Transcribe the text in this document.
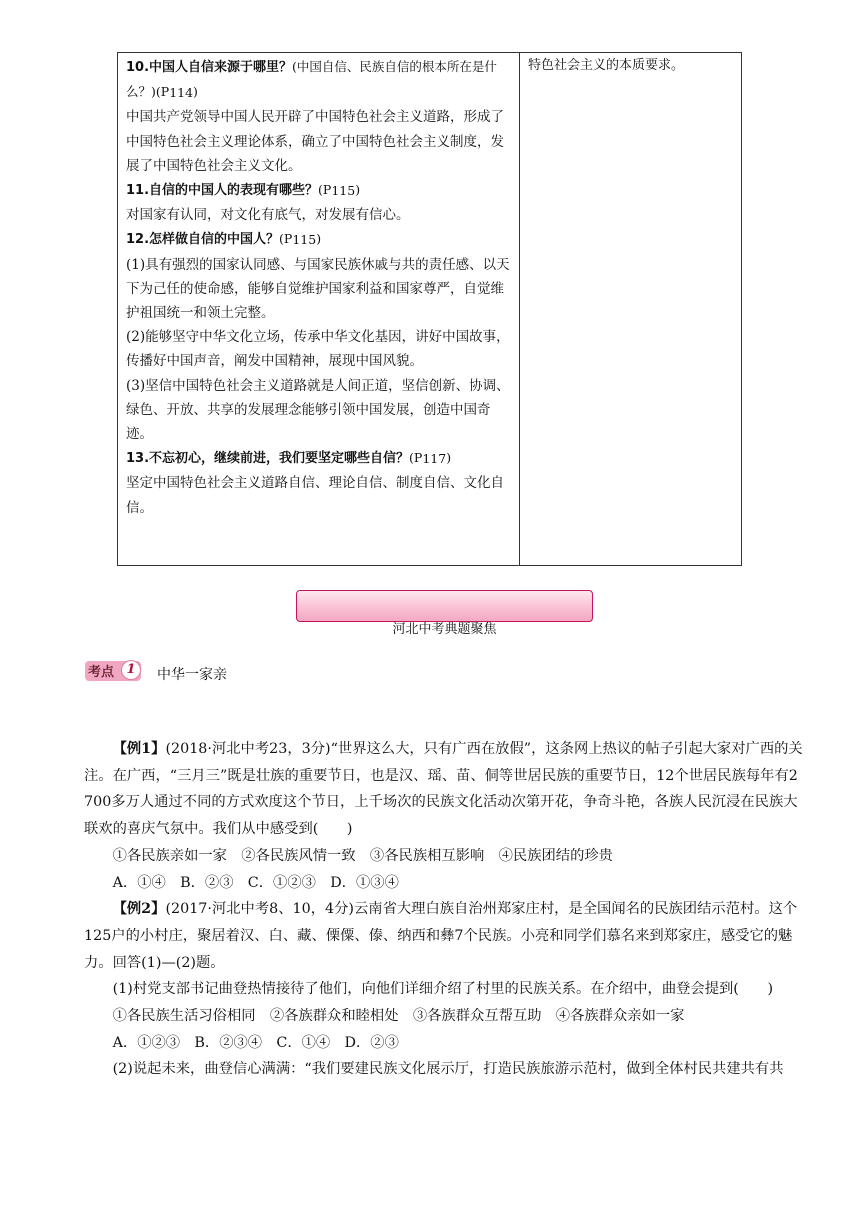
10.中国人自信来源于哪里？(中国自信、民族自信的根本所在是什么？)$(P_{114})$
中国共产党领导中国人民开辟了中国特色社会主义道路，形成了中国特色社会主义理论体系，确立了中国特色社会主义制度，发展了中国特色社会主义文化。
11.自信的中国人的表现有哪些？$(P_{115})$
对国家有认同，对文化有底气，对发展有信心。
12.怎样做自信的中国人？$(P_{115})$
(1)具有强烈的国家认同感、与国家民族休戚与共的责任感、以天下为己任的使命感，能够自觉维护国家利益和国家尊严，自觉维护祖国统一和领土完整。
(2)能够坚守中华文化立场，传承中华文化基因，讲好中国故事，传播好中国声音，阐发中国精神，展现中国风貌。
(3)坚信中国特色社会主义道路就是人间正道，坚信创新、协调、绿色、开放、共享的发展理念能够引领中国发展，创造中国奇迹。
13.不忘初心，继续前进，我们要坚定哪些自信？$(P_{117})$
坚定中国特色社会主义道路自信、理论自信、制度自信、文化自信。
特色社会主义的本质要求。
河北中考典题聚焦
考点 1	中华一家亲

【例1】(2018·河北中考23，3分)“世界这么大，只有广西在放假”，这条网上热议的帖子引起大家对广西的关注。在广西，“三月三”既是壮族的重要节日，也是汉、瑶、苗、侗等世居民族的重要节日，12个世居民族每年有2 700多万人通过不同的方式欢度这个节日，上千场次的民族文化活动次第开花，争奇斗艳，各族人民沉浸在民族大联欢的喜庆气氛中。我们从中感受到(　　)

①各民族亲如一家　②各民族风情一致　③各民族相互影响　④民族团结的珍贵

A．①④　B．②③　C．①②③　D．①③④

【例2】(2017·河北中考8、10，4分)云南省大理白族自治州郑家庄村，是全国闻名的民族团结示范村。这个125户的小村庄，聚居着汉、白、藏、傈僳、傣、纳西和彝7个民族。小亮和同学们慕名来到郑家庄，感受它的魅力。回答(1)—(2)题。

(1)村党支部书记曲登热情接待了他们，向他们详细介绍了村里的民族关系。在介绍中，曲登会提到(　　)

①各民族生活习俗相同　②各族群众和睦相处　③各族群众互帮互助　④各族群众亲如一家

A．①②③　B．②③④　C．①④　D．②③

(2)说起未来，曲登信心满满：“我们要建民族文化展示厅，打造民族旅游示范村，做到全体村民共建共有共
